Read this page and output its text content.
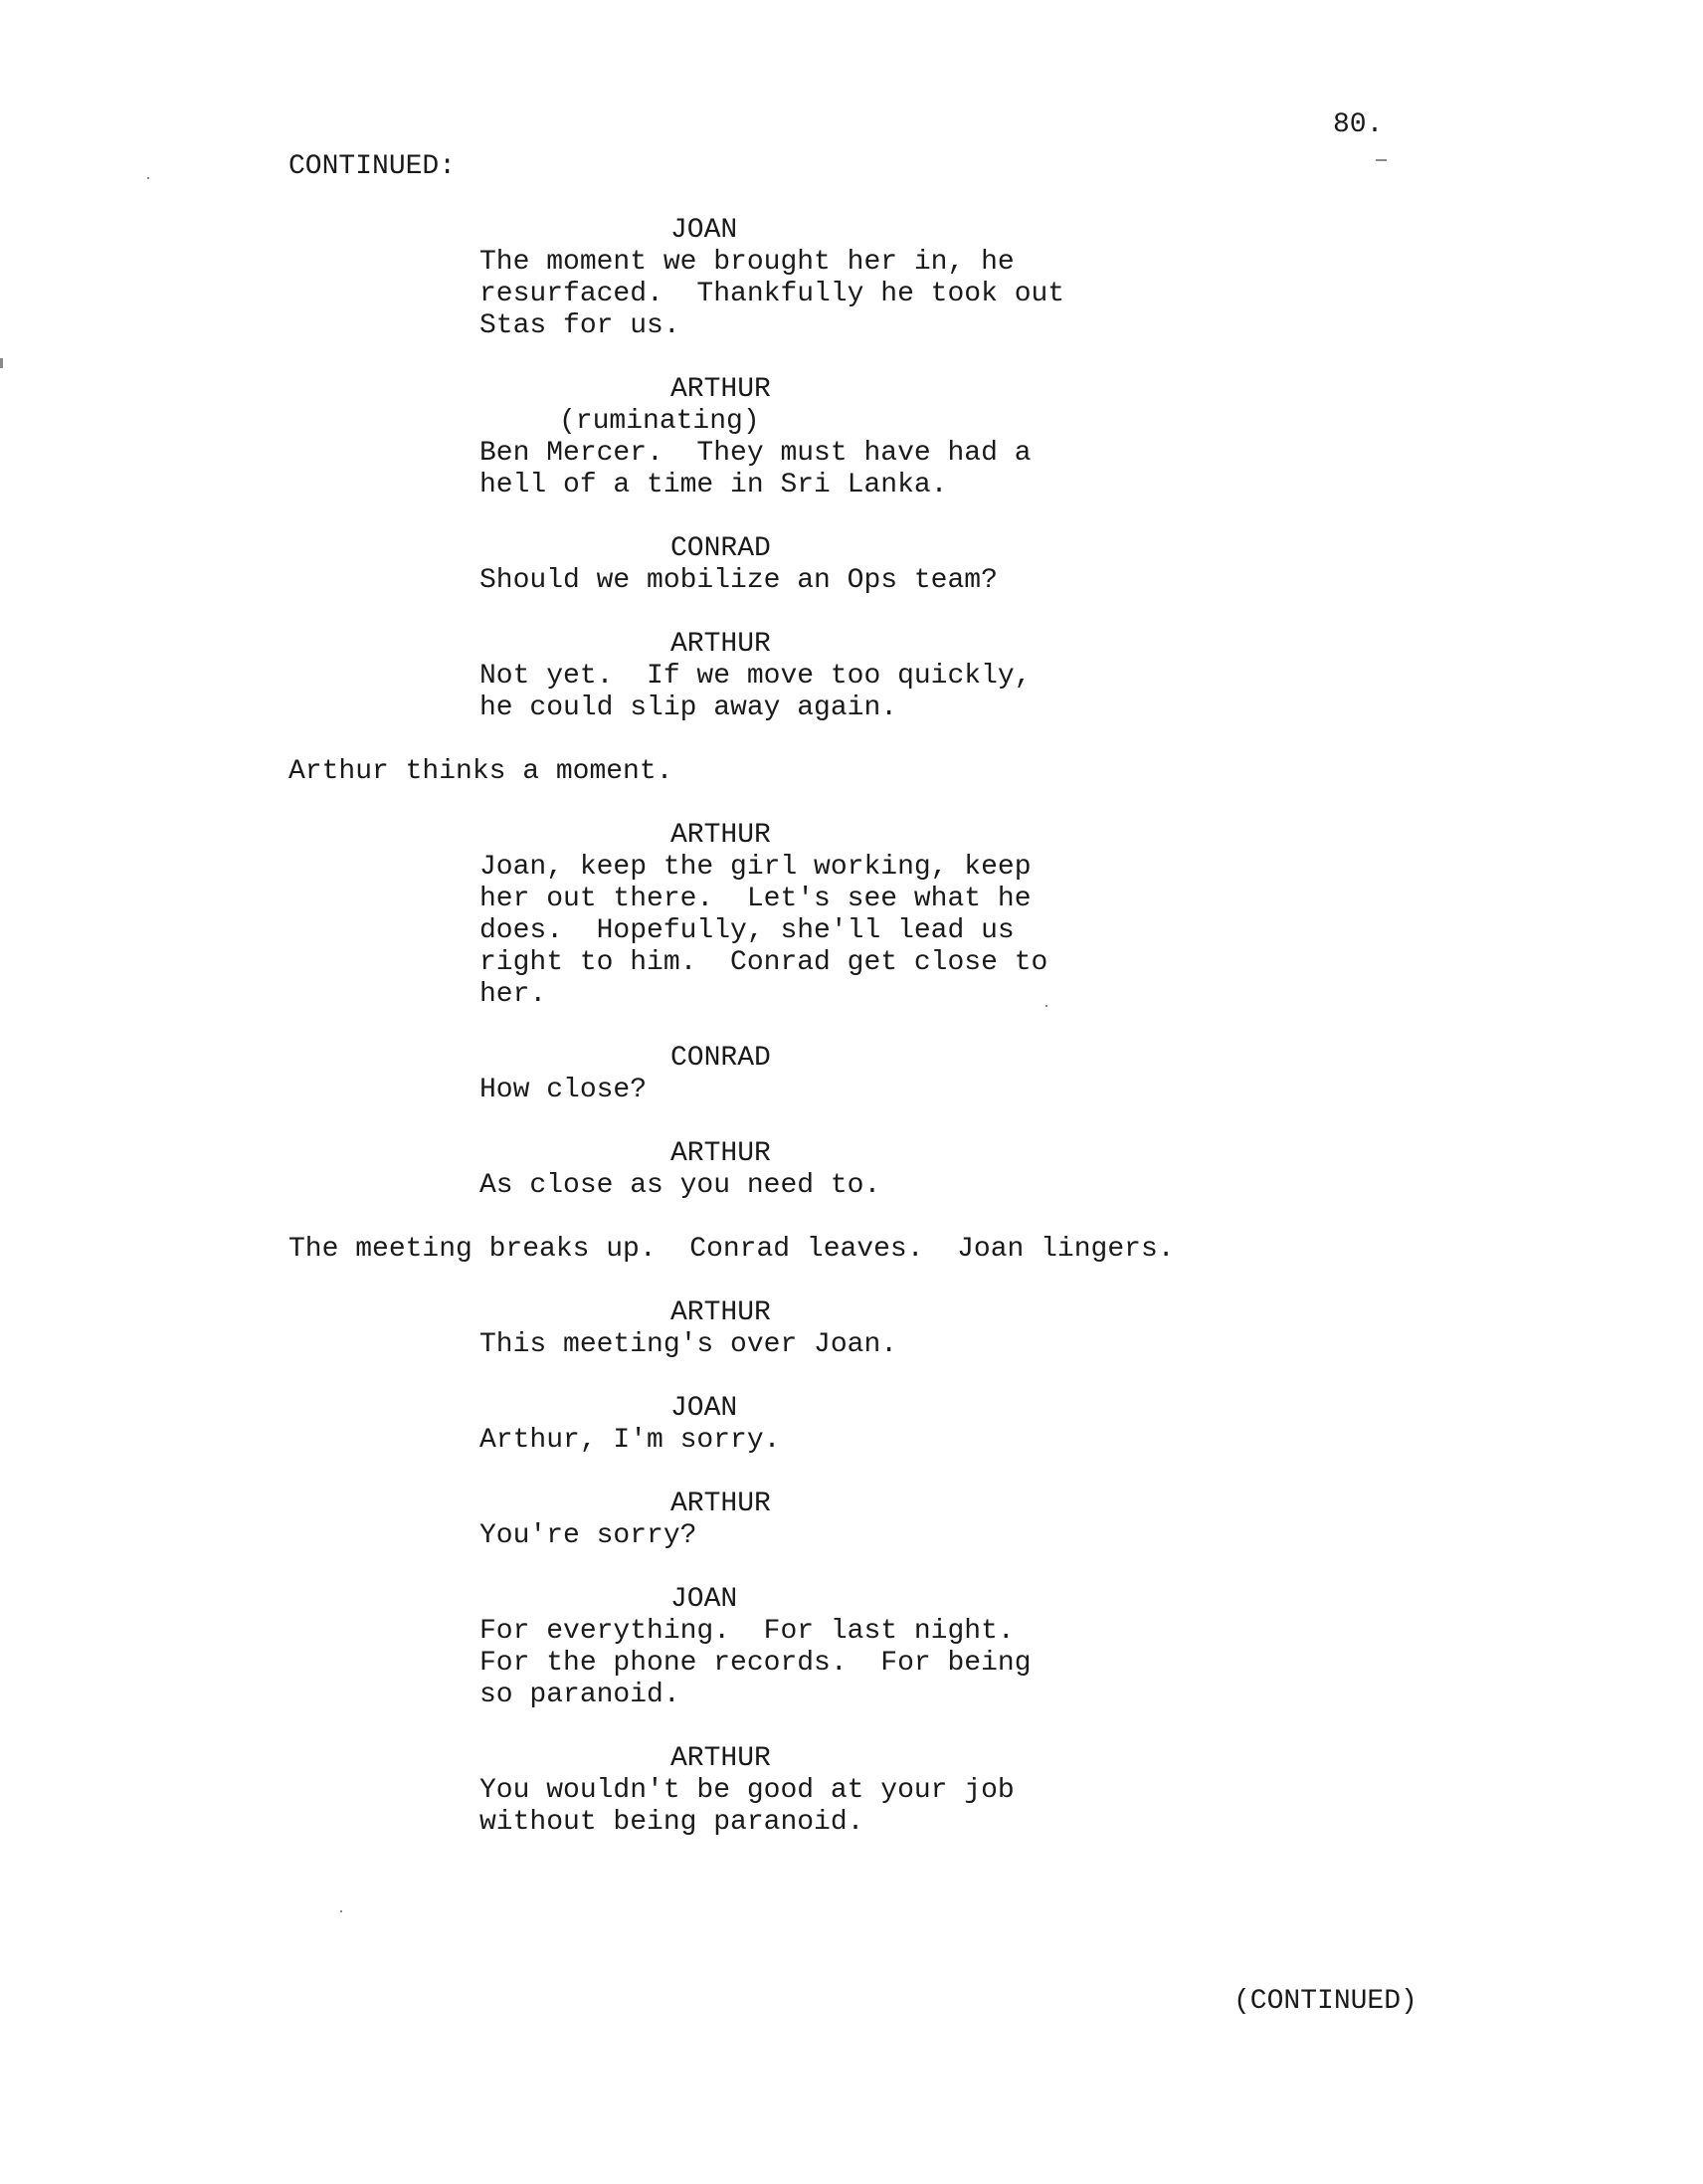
80.
CONTINUED:
JOAN
The moment we brought her in, he
resurfaced.  Thankfully he took out
Stas for us.
ARTHUR
(ruminating)
Ben Mercer.  They must have had a
hell of a time in Sri Lanka.
CONRAD
Should we mobilize an Ops team?
ARTHUR
Not yet.  If we move too quickly,
he could slip away again.
Arthur thinks a moment.
ARTHUR
Joan, keep the girl working, keep
her out there.  Let's see what he
does.  Hopefully, she'll lead us
right to him.  Conrad get close to
her.
CONRAD
How close?
ARTHUR
As close as you need to.
The meeting breaks up.  Conrad leaves.  Joan lingers.
ARTHUR
This meeting's over Joan.
JOAN
Arthur, I'm sorry.
ARTHUR
You're sorry?
JOAN
For everything.  For last night.
For the phone records.  For being
so paranoid.
ARTHUR
You wouldn't be good at your job
without being paranoid.
(CONTINUED)
